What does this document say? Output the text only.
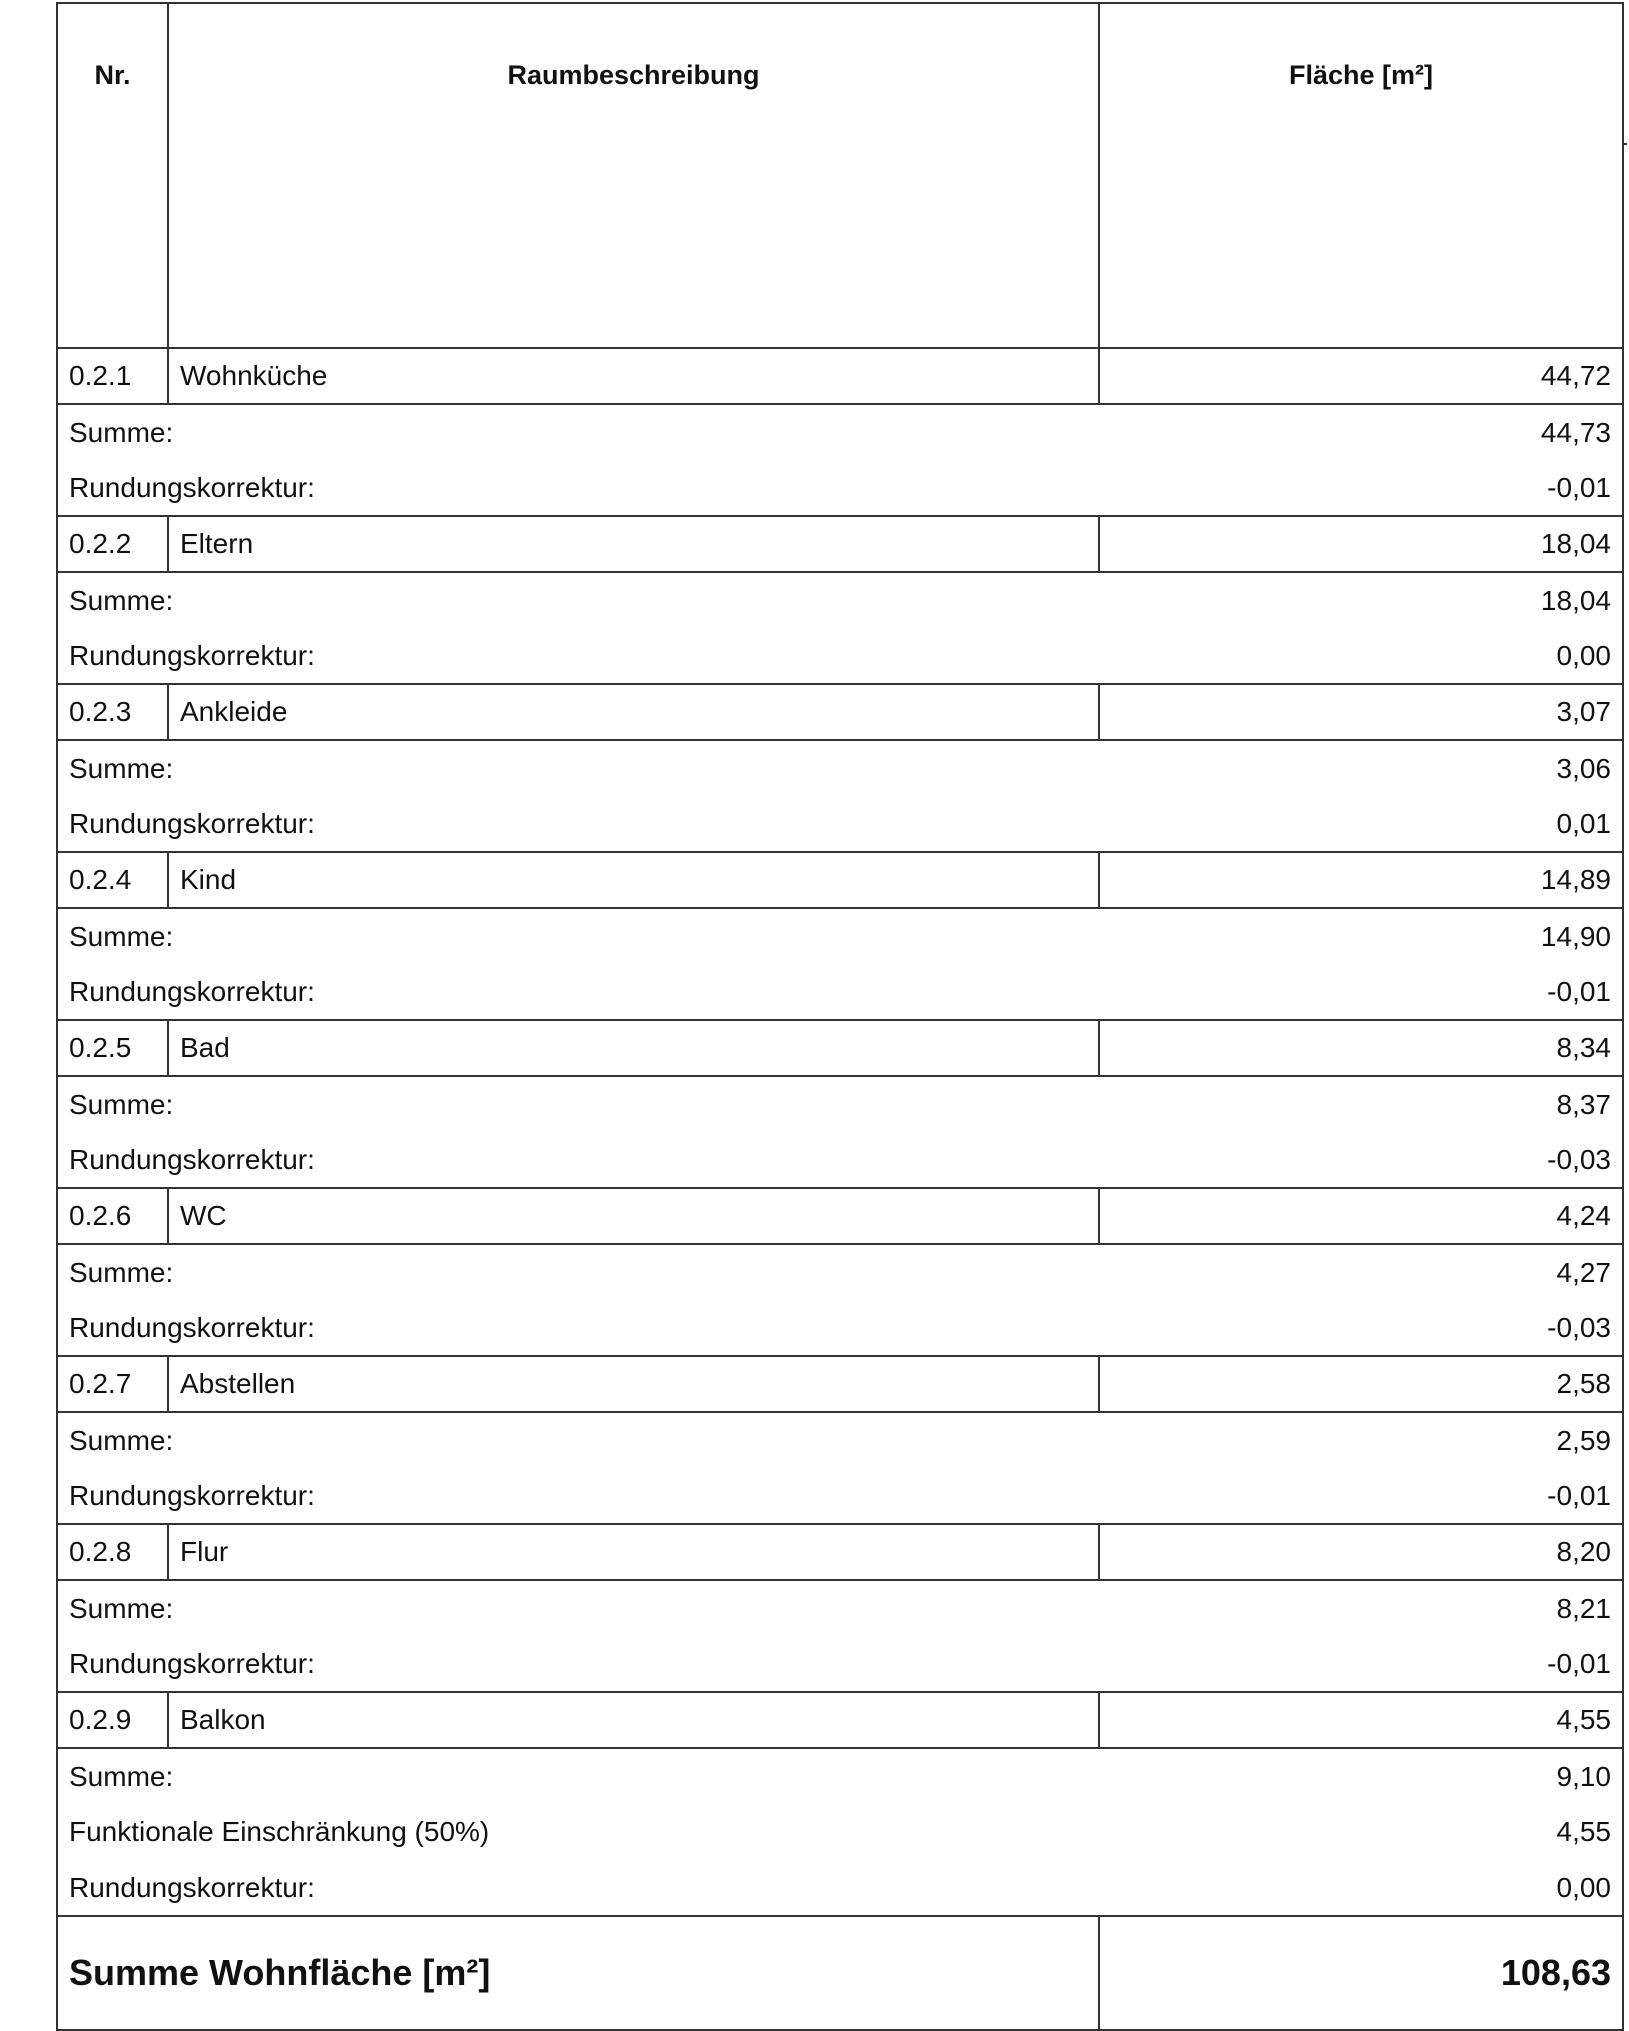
Nr.	Raumbeschreibung	Fläche [m²]	

0.2.1	Wohnküche	44,72	
Summe:		44,73	
Rundungskorrektur:		-0,01	
0.2.2	Eltern	18,04	
Summe:		18,04	
Rundungskorrektur:		0,00	
0.2.3	Ankleide	3,07	
Summe:		3,06	
Rundungskorrektur:		0,01	
0.2.4	Kind	14,89	
Summe:		14,90	
Rundungskorrektur:		-0,01	
0.2.5	Bad	8,34	
Summe:		8,37	
Rundungskorrektur:		-0,03	
0.2.6	WC	4,24	
Summe:		4,27	
Rundungskorrektur:		-0,03	
0.2.7	Abstellen	2,58	
Summe:		2,59	
Rundungskorrektur:		-0,01	
0.2.8	Flur	8,20	
Summe:		8,21	
Rundungskorrektur:		-0,01	
0.2.9	Balkon	4,55	
Summe:		9,10	
Funktionale Einschränkung (50%)		4,55	
Rundungskorrektur:		0,00	
Summe Wohnfläche [m²]		108,63	
